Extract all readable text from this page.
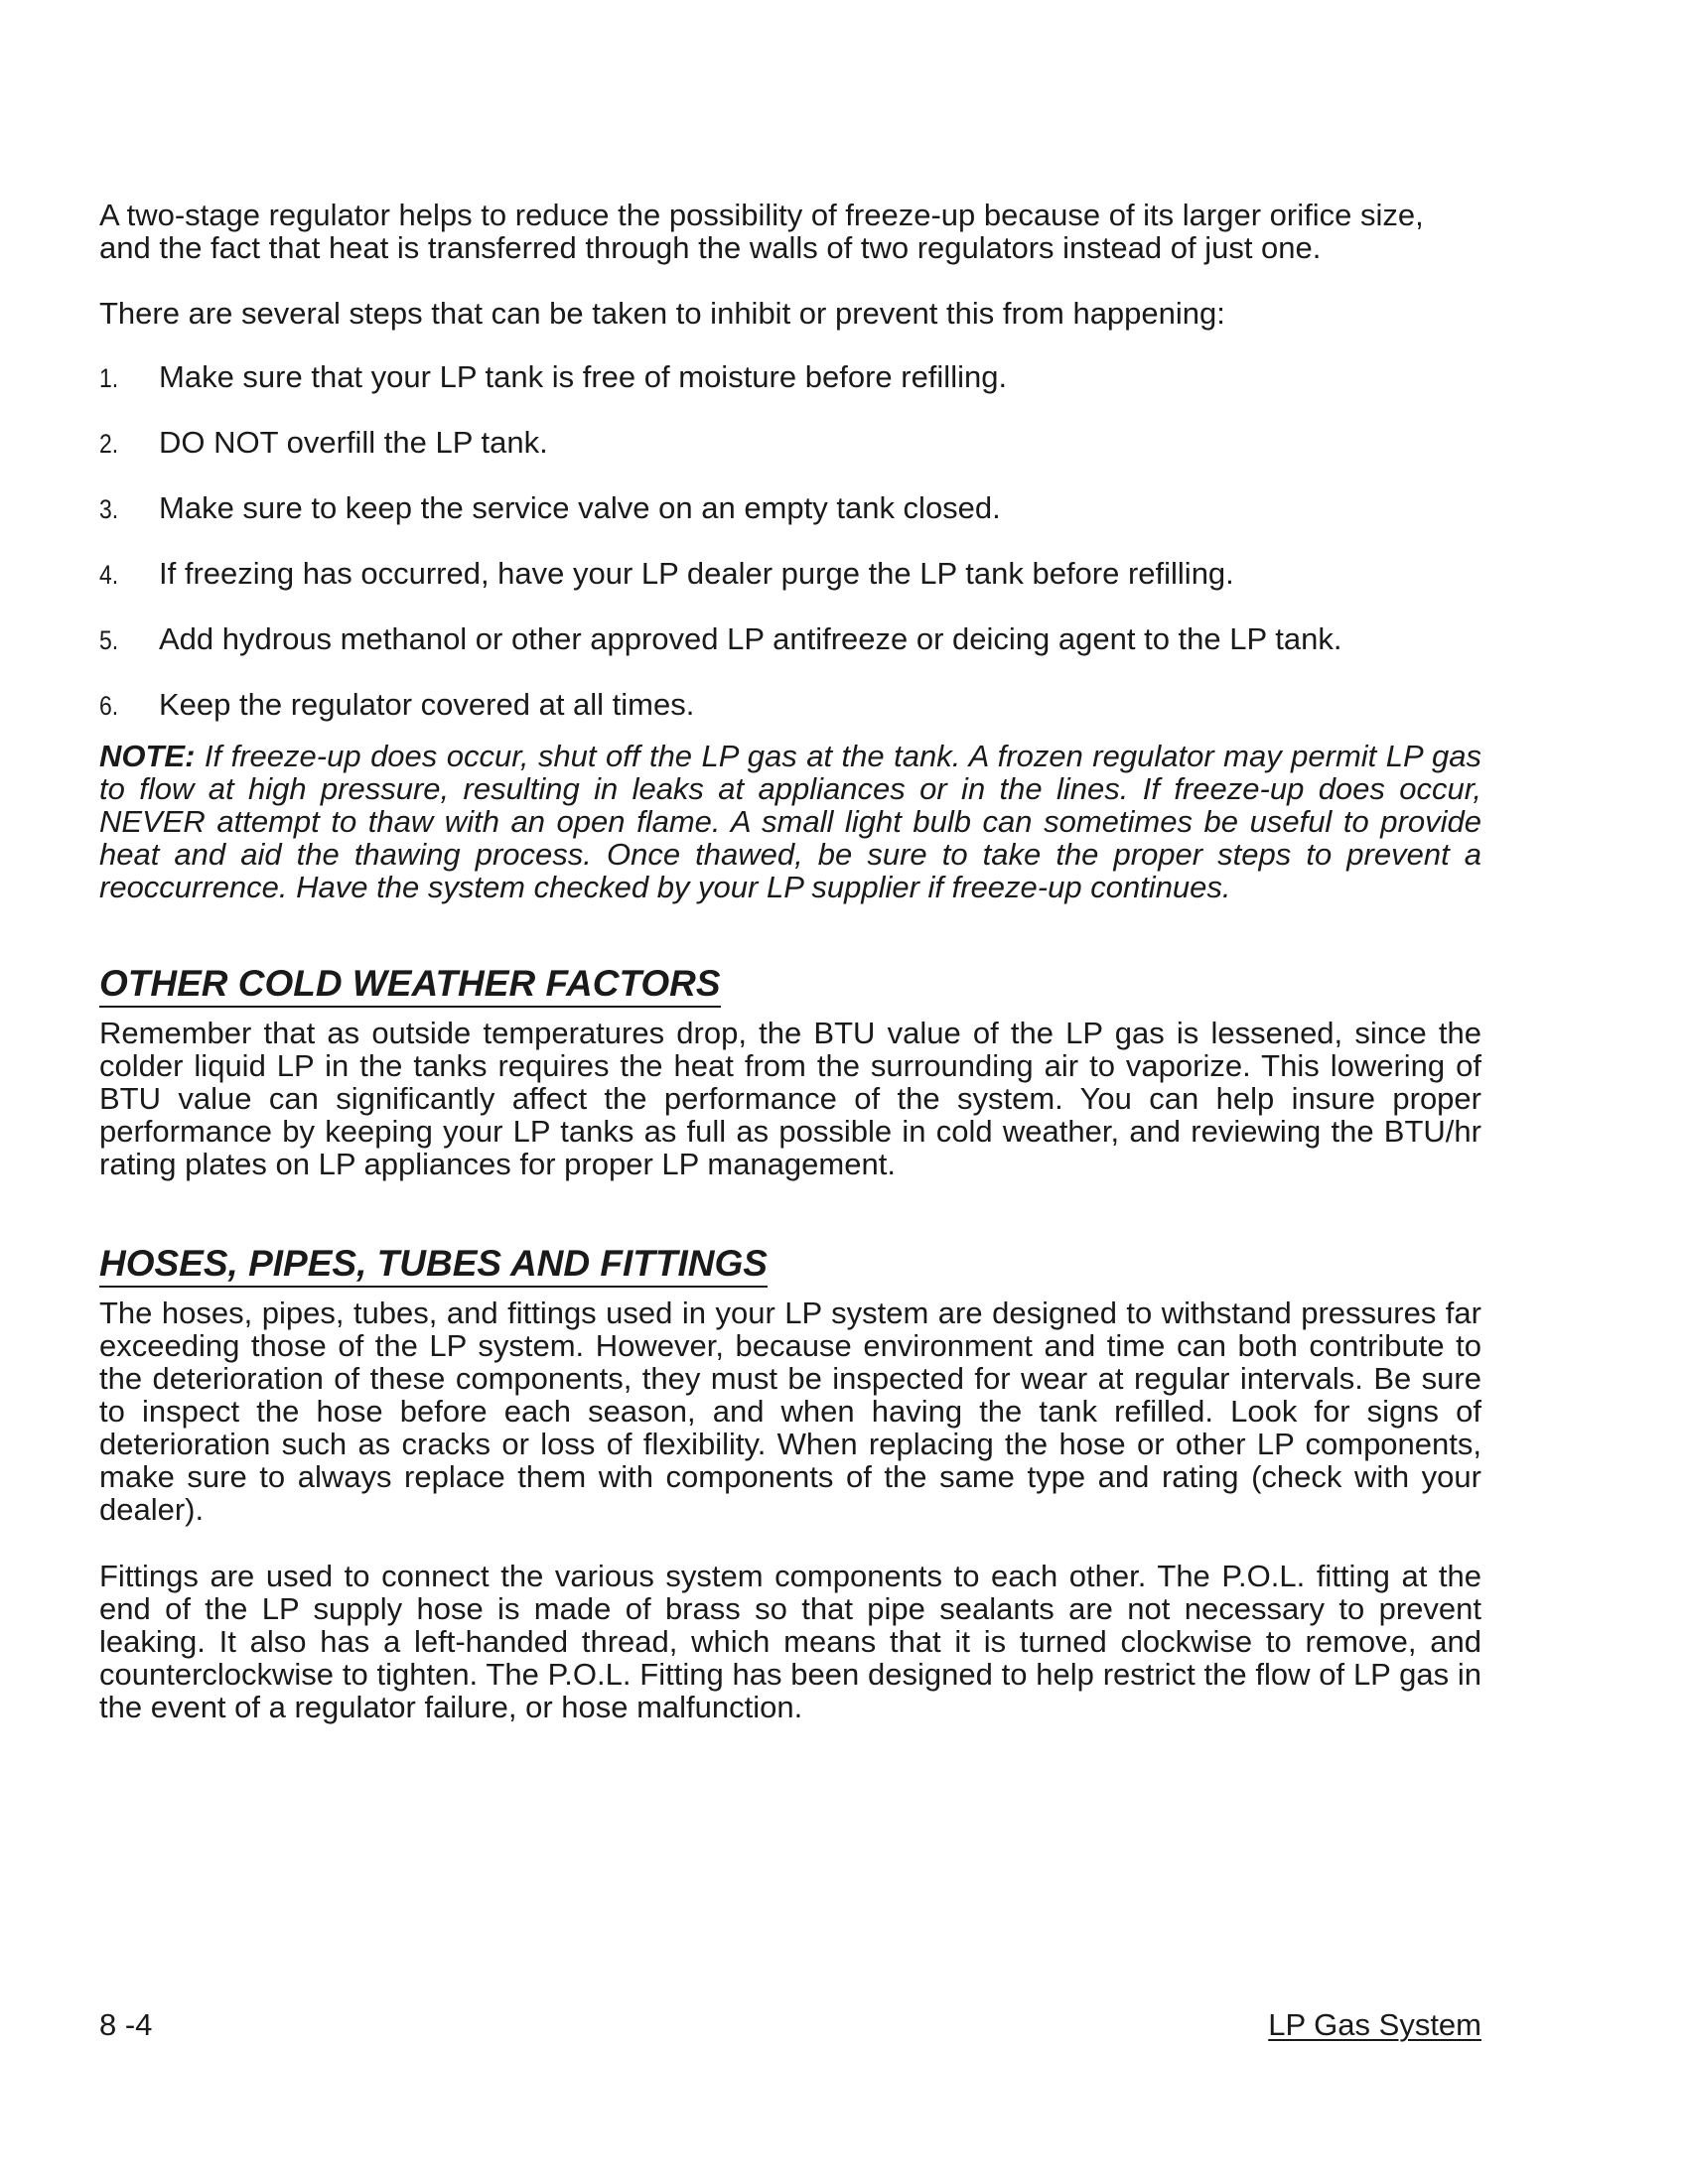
A two-stage regulator helps to reduce the possibility of freeze-up because of its larger orifice size, and the fact that heat is transferred through the walls of two regulators instead of just one.

There are several steps that can be taken to inhibit or prevent this from happening:

1.	Make sure that your LP tank is free of moisture before refilling.
2.	DO NOT overfill the LP tank.
3.	Make sure to keep the service valve on an empty tank closed.
4.	If freezing has occurred, have your LP dealer purge the LP tank before refilling.
5.	Add hydrous methanol or other approved LP antifreeze or deicing agent to the LP tank.
6.	Keep the regulator covered at all times.

NOTE: If freeze-up does occur, shut off the LP gas at the tank. A frozen regulator may permit LP gas to flow at high pressure, resulting in leaks at appliances or in the lines. If freeze-up does occur, NEVER attempt to thaw with an open flame. A small light bulb can sometimes be useful to provide heat and aid the thawing process. Once thawed, be sure to take the proper steps to prevent a reoccurrence. Have the system checked by your LP supplier if freeze-up continues.

OTHER COLD WEATHER FACTORS

Remember that as outside temperatures drop, the BTU value of the LP gas is lessened, since the colder liquid LP in the tanks requires the heat from the surrounding air to vaporize. This lowering of BTU value can significantly affect the performance of the system. You can help insure proper performance by keeping your LP tanks as full as possible in cold weather, and reviewing the BTU/hr rating plates on LP appliances for proper LP management.

HOSES, PIPES, TUBES AND FITTINGS

The hoses, pipes, tubes, and fittings used in your LP system are designed to withstand pressures far exceeding those of the LP system. However, because environment and time can both contribute to the deterioration of these components, they must be inspected for wear at regular intervals. Be sure to inspect the hose before each season, and when having the tank refilled. Look for signs of deterioration such as cracks or loss of flexibility. When replacing the hose or other LP components, make sure to always replace them with components of the same type and rating (check with your dealer).

Fittings are used to connect the various system components to each other. The P.O.L. fitting at the end of the LP supply hose is made of brass so that pipe sealants are not necessary to prevent leaking. It also has a left-handed thread, which means that it is turned clockwise to remove, and counterclockwise to tighten. The P.O.L. Fitting has been designed to help restrict the flow of LP gas in the event of a regulator failure, or hose malfunction.

8 -4	LP Gas System
